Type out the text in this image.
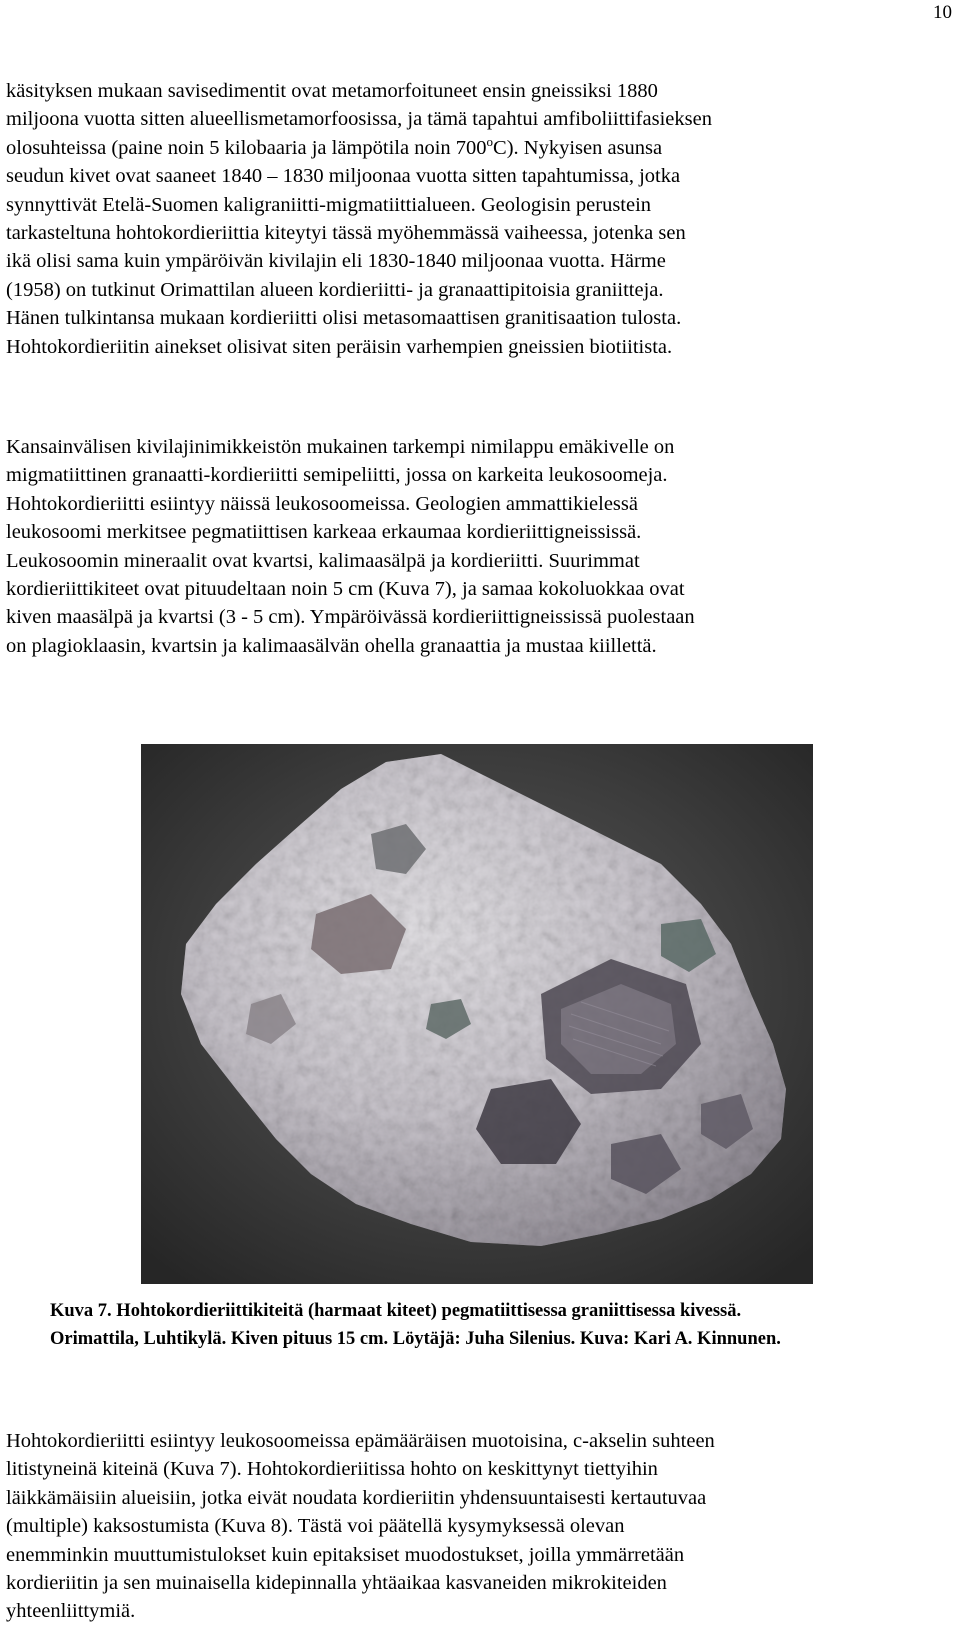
10
käsityksen mukaan savisedimentit ovat metamorfoituneet ensin gneissiksi 1880
miljoona vuotta sitten alueellismetamorfoosissa, ja tämä tapahtui amfiboliittifasieksen
olosuhteissa (paine noin 5 kilobaaria ja lämpötila noin 700$^o$C). Nykyisen asunsa
seudun kivet ovat saaneet 1840 – 1830 miljoonaa vuotta sitten tapahtumissa, jotka
synnyttivät Etelä-Suomen kaligraniitti-migmatiittialueen. Geologisin perustein
tarkasteltuna hohtokordieriittia kiteytyi tässä myöhemmässä vaiheessa, jotenka sen
ikä olisi sama kuin ympäröivän kivilajin eli 1830-1840 miljoonaa vuotta. Härme
(1958) on tutkinut Orimattilan alueen kordieriitti- ja granaattipitoisia graniitteja.
Hänen tulkintansa mukaan kordieriitti olisi metasomaattisen granitisaation tulosta.
Hohtokordieriitin ainekset olisivat siten peräisin varhempien gneissien biotiitista.
Kansainvälisen kivilajinimikkeistön mukainen tarkempi nimilappu emäkivelle on
migmatiittinen granaatti-kordieriitti semipeliitti, jossa on karkeita leukosoomeja.
Hohtokordieriitti esiintyy näissä leukosoomeissa. Geologien ammattikielessä
leukosoomi merkitsee pegmatiittisen karkeaa erkaumaa kordieriittigneississä.
Leukosoomin mineraalit ovat kvartsi, kalimaasälpä ja kordieriitti. Suurimmat
kordieriittikiteet ovat pituudeltaan noin 5 cm (Kuva 7), ja samaa kokoluokkaa ovat
kiven maasälpä ja kvartsi (3 - 5 cm). Ympäröivässä kordieriittigneississä puolestaan
on plagioklaasin, kvartsin ja kalimaasälvän ohella granaattia ja mustaa kiillettä.
Kuva 7. Hohtokordieriittikiteitä (harmaat kiteet) pegmatiittisessa graniittisessa kivessä.
Orimattila, Luhtikylä. Kiven pituus 15 cm. Löytäjä: Juha Silenius. Kuva: Kari A. Kinnunen.
Hohtokordieriitti esiintyy leukosoomeissa epämääräisen muotoisina, c-akselin suhteen
litistyneinä kiteinä (Kuva 7). Hohtokordieriitissa hohto on keskittynyt tiettyihin
läikkämäisiin alueisiin, jotka eivät noudata kordieriitin yhdensuuntaisesti kertautuvaa
(multiple) kaksostumista (Kuva 8). Tästä voi päätellä kysymyksessä olevan
enemminkin muuttumistulokset kuin epitaksiset muodostukset, joilla ymmärretään
kordieriitin ja sen muinaisella kidepinnalla yhtäaikaa kasvaneiden mikrokiteiden
yhteenliittymiä.
